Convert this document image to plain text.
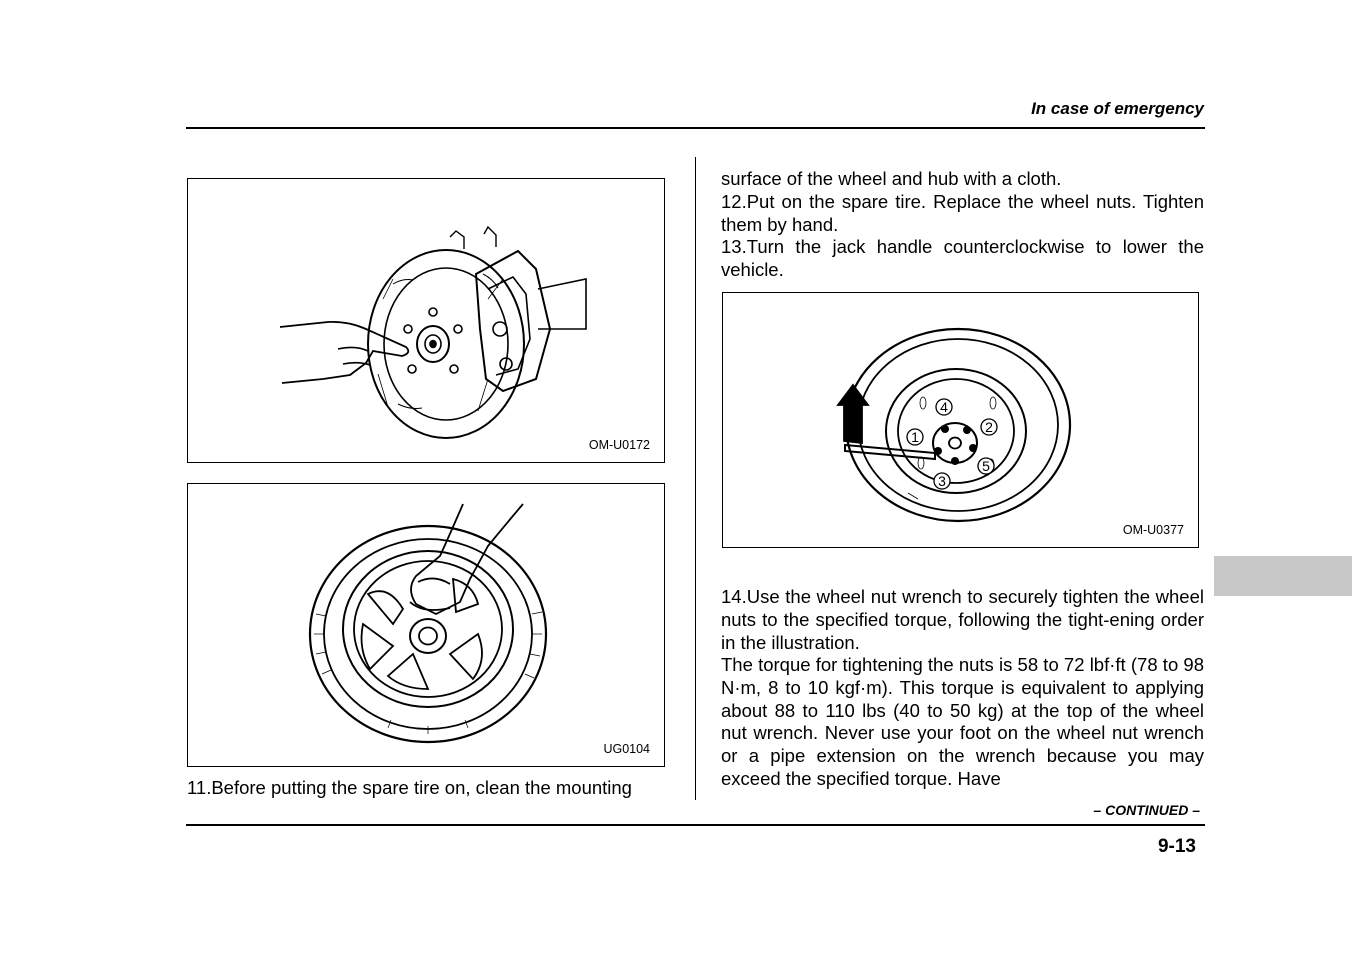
In case of emergency
OM-U0172
UG0104
11.Before putting the spare tire on, clean the mounting
surface of the wheel and hub with a cloth.
12.Put on the spare tire. Replace the wheel nuts. Tighten them by hand.
13.Turn the jack handle counterclockwise to lower the vehicle.
1
2
3
4
5
OM-U0377
14.Use the wheel nut wrench to securely tighten the wheel nuts to the specified torque, following the tight-ening order in the illustration.
The torque for tightening the nuts is 58 to 72 lbf·ft (78 to 98 N·m, 8 to 10 kgf·m). This torque is equivalent to applying about 88 to 110 lbs (40 to 50 kg) at the top of the wheel nut wrench. Never use your foot on the wheel nut wrench or a pipe extension on the wrench because you may exceed the specified torque. Have
– CONTINUED –
9-13
